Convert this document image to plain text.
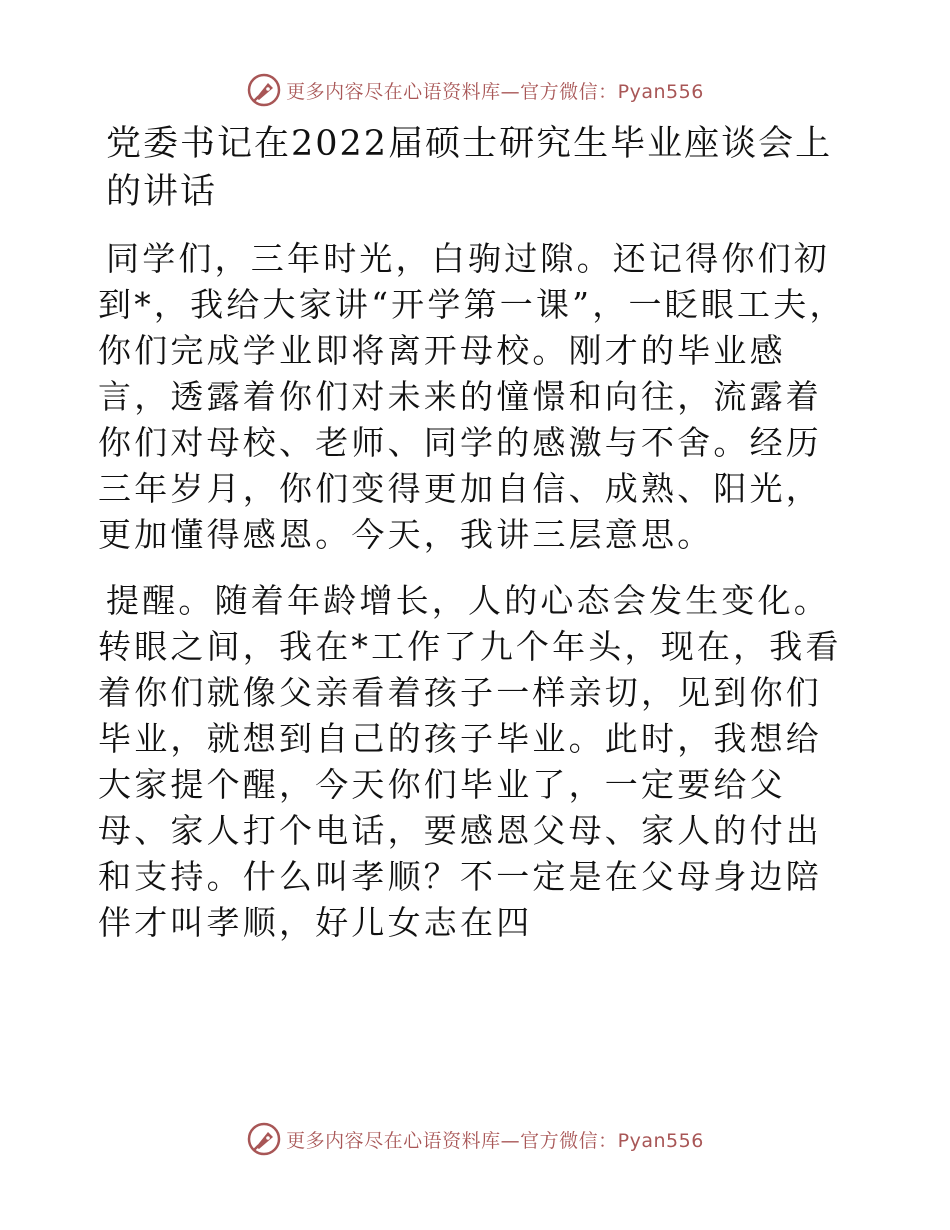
更多内容尽在心语资料库—官方微信：Pyan556
党委书记在2022届硕士研究生毕业座谈会上的讲话

同学们，三年时光，白驹过隙。还记得你们初到*，我给大家讲“开学第一课”，一眨眼工夫，你们完成学业即将离开母校。刚才的毕业感言，透露着你们对未来的憧憬和向往，流露着你们对母校、老师、同学的感激与不舍。经历三年岁月，你们变得更加自信、成熟、阳光，更加懂得感恩。今天，我讲三层意思。

提醒。随着年龄增长，人的心态会发生变化。转眼之间，我在*工作了九个年头，现在，我看着你们就像父亲看着孩子一样亲切，见到你们毕业，就想到自己的孩子毕业。此时，我想给大家提个醒，今天你们毕业了，一定要给父母、家人打个电话，要感恩父母、家人的付出和支持。什么叫孝顺？不一定是在父母身边陪伴才叫孝顺，好儿女志在四

更多内容尽在心语资料库—官方微信：Pyan556
